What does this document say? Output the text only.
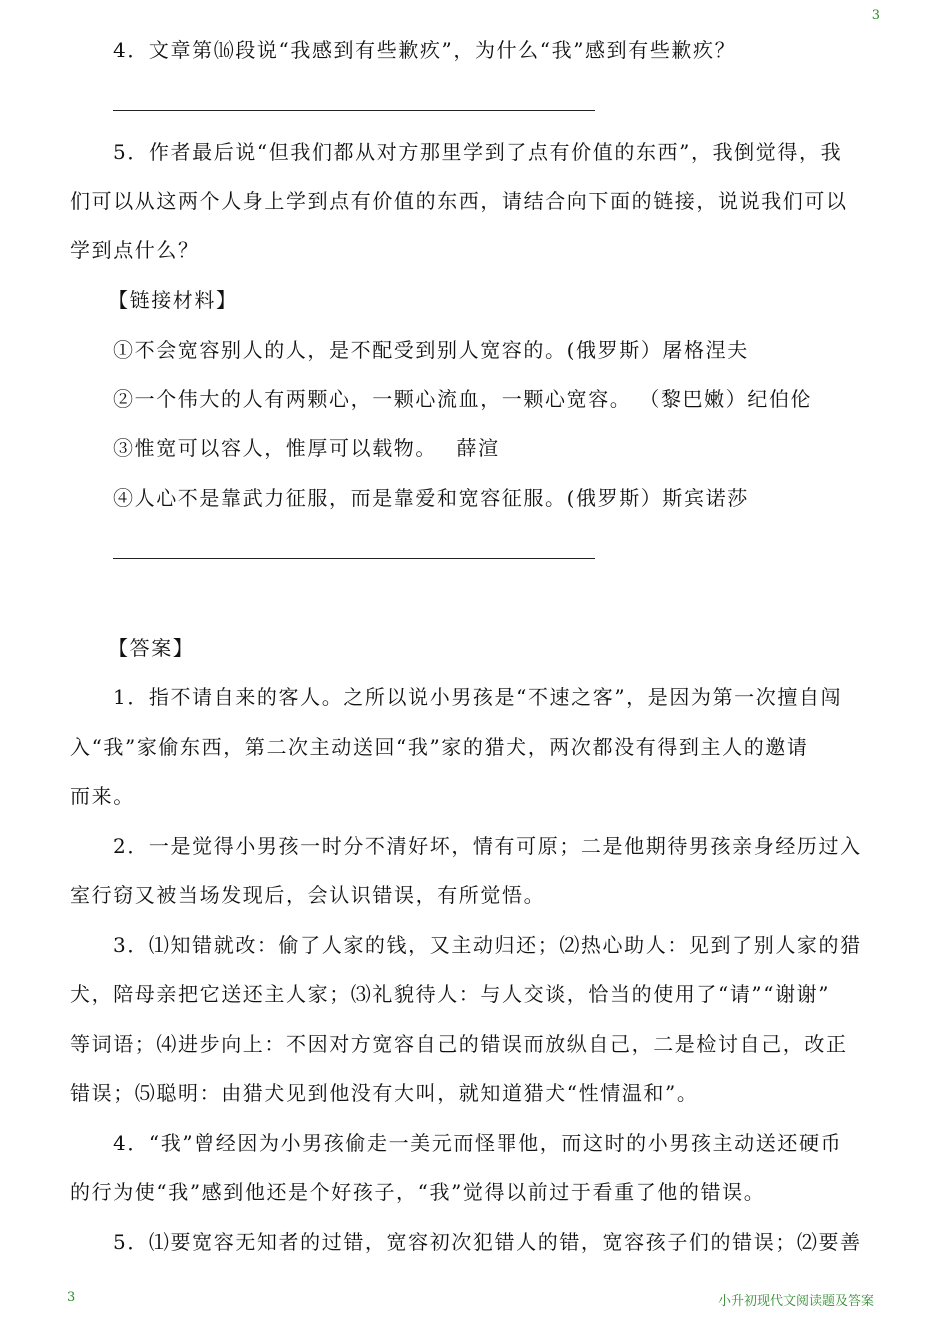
3
4．文章第⒃段说“我感到有些歉疚”，为什么“我”感到有些歉疚？
5．作者最后说“但我们都从对方那里学到了点有价值的东西”，我倒觉得，我
们可以从这两个人身上学到点有价值的东西，请结合向下面的链接，说说我们可以
学到点什么？
【链接材料】
①不会宽容别人的人，是不配受到别人宽容的。(俄罗斯）屠格涅夫
②一个伟大的人有两颗心，一颗心流血，一颗心宽容。 （黎巴嫩）纪伯伦
③惟宽可以容人，惟厚可以载物。　 薛渲
④人心不是靠武力征服，而是靠爱和宽容征服。(俄罗斯）斯宾诺莎
【答案】
1．指不请自来的客人。之所以说小男孩是“不速之客”，是因为第一次擅自闯
入“我”家偷东西，第二次主动送回“我”家的猎犬，两次都没有得到主人的邀请
而来。
2．一是觉得小男孩一时分不清好坏，情有可原；二是他期待男孩亲身经历过入
室行窃又被当场发现后，会认识错误，有所觉悟。
3．⑴知错就改：偷了人家的钱，又主动归还；⑵热心助人：见到了别人家的猎
犬，陪母亲把它送还主人家；⑶礼貌待人：与人交谈，恰当的使用了“请”“谢谢”
等词语；⑷进步向上：不因对方宽容自己的错误而放纵自己，二是检讨自己，改正
错误；⑸聪明：由猎犬见到他没有大叫，就知道猎犬“性情温和”。
4．“我”曾经因为小男孩偷走一美元而怪罪他，而这时的小男孩主动送还硬币
的行为使“我”感到他还是个好孩子，“我”觉得以前过于看重了他的错误。
5．⑴要宽容无知者的过错，宽容初次犯错人的错，宽容孩子们的错误；⑵要善
3	小升初现代文阅读题及答案
